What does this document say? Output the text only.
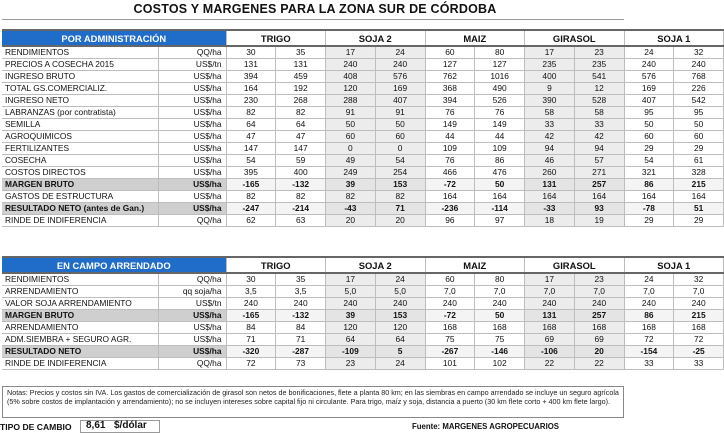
COSTOS Y MARGENES PARA LA ZONA SUR DE CÓRDOBA
POR ADMINISTRACIÓN		TRIGO		SOJA 2		MAIZ		GIRASOL		SOJA 1	
RENDIMIENTOS	QQ/ha	30	35	17	24	60	80	17	23	24	32
PRECIOS A COSECHA 2015	US$/tn	131	131	240	240	127	127	235	235	240	240
INGRESO BRUTO	US$/ha	394	459	408	576	762	1016	400	541	576	768
TOTAL GS.COMERCIALIZ.	US$/ha	164	192	120	169	368	490	9	12	169	226
INGRESO NETO	US$/ha	230	268	288	407	394	526	390	528	407	542
LABRANZAS (por contratista)	US$/ha	82	82	91	91	76	76	58	58	95	95
SEMILLA	US$/ha	64	64	50	50	149	149	33	33	50	50
AGROQUIMICOS	US$/ha	47	47	60	60	44	44	42	42	60	60
FERTILIZANTES	US$/ha	147	147	0	0	109	109	94	94	29	29
COSECHA	US$/ha	54	59	49	54	76	86	46	57	54	61
COSTOS DIRECTOS	US$/ha	395	400	249	254	466	476	260	271	321	328
MARGEN BRUTO	US$/ha	-165	-132	39	153	-72	50	131	257	86	215
GASTOS DE ESTRUCTURA	US$/ha	82	82	82	82	164	164	164	164	164	164
RESULTADO NETO (antes de Gan.)	US$/ha	-247	-214	-43	71	-236	-114	-33	93	-78	51
RINDE DE INDIFERENCIA	QQ/ha	62	63	20	20	96	97	18	19	29	29
EN CAMPO ARRENDADO		TRIGO		SOJA 2		MAIZ		GIRASOL		SOJA 1	
RENDIMIENTOS	QQ/ha	30	35	17	24	60	80	17	23	24	32
ARRENDAMIENTO	qq soja/ha	3,5	3,5	5,0	5,0	7,0	7,0	7,0	7,0	7,0	7,0
VALOR SOJA ARRENDAMIENTO	US$/tn	240	240	240	240	240	240	240	240	240	240
MARGEN BRUTO	US$/ha	-165	-132	39	153	-72	50	131	257	86	215
ARRENDAMIENTO	US$/ha	84	84	120	120	168	168	168	168	168	168
ADM.SIEMBRA + SEGURO AGR.	US$/ha	71	71	64	64	75	75	69	69	72	72
RESULTADO NETO	US$/ha	-320	-287	-109	5	-267	-146	-106	20	-154	-25
RINDE DE INDIFERENCIA	QQ/ha	72	73	23	24	101	102	22	22	33	33
Notas: Precios y costos sin IVA. Los gastos de comercialización de girasol son netos de bonificaciones, flete a planta 80 km; en las siembras en campo arrendado se incluye un seguro agrícola (5% sobre costos de implantación y arrendamiento); no se incluyen intereses sobre capital fijo ni circulante. Para trigo, maíz y soja, distancia a puerto (30 km flete corto + 400 km flete largo).
TIPO DE CAMBIO 8,61 $/dólar	Fuente: MARGENES AGROPECUARIOS
